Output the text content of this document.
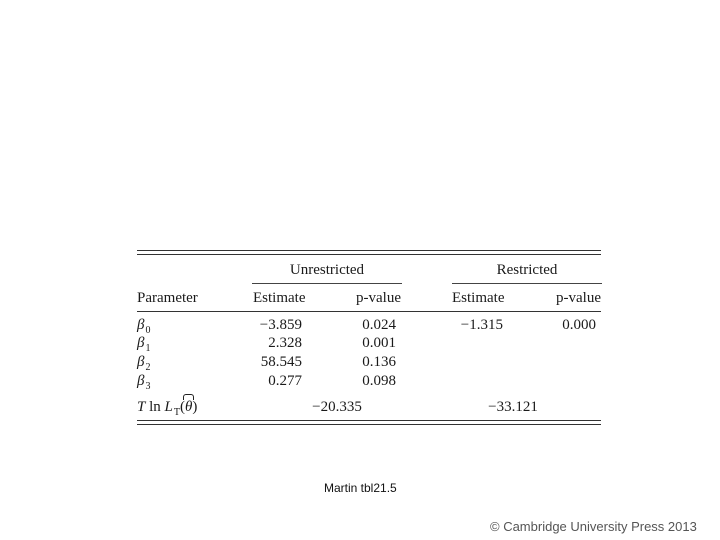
Unrestricted	Restricted
Parameter	Estimate	p-value	Estimate	p-value
$\beta_0$	−3.859	0.024	−1.315	0.000
$\beta_1$	2.328	0.001
$\beta_2$	58.545	0.136
$\beta_3$	0.277	0.098
T $\ln L_T(\theta)$	−20.335	−33.121
Martin tbl21.5
© Cambridge University Press 2013
